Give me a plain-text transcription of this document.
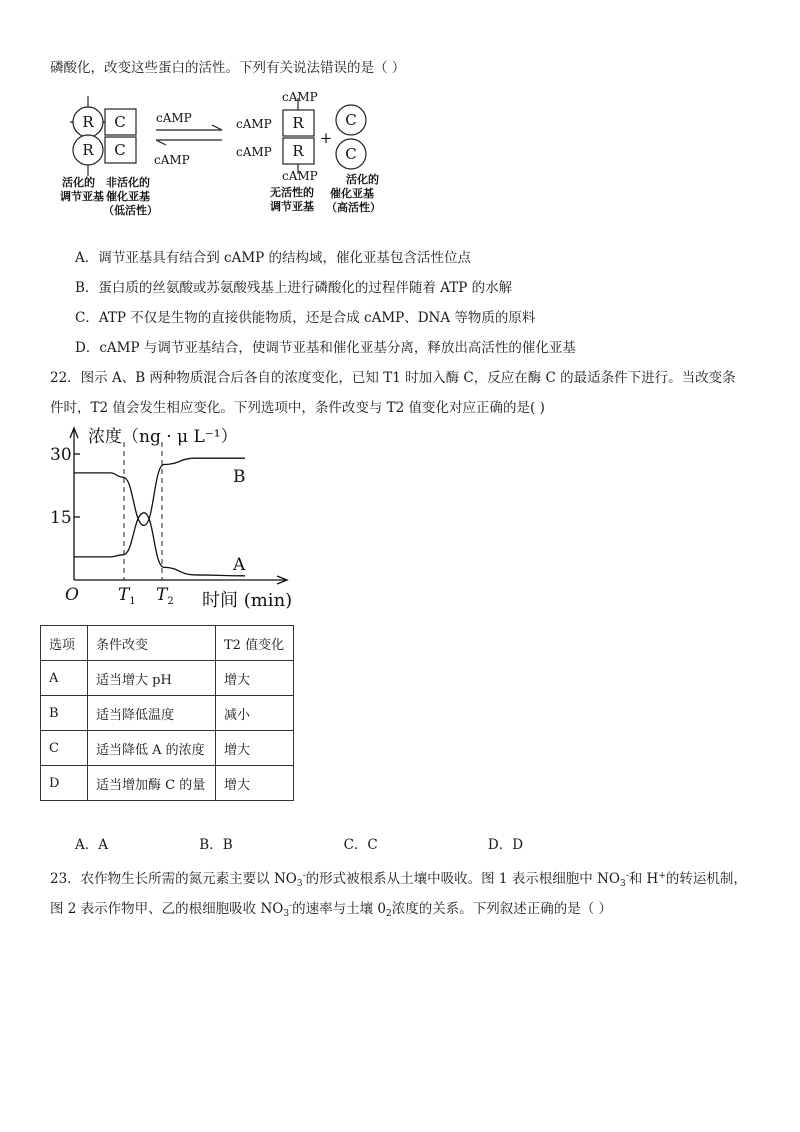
磷酸化，改变这些蛋白的活性。下列有关说法错误的是（ ）
R
R
C
C
R
R
C
C
+
cAMP
cAMP
cAMP
cAMP
cAMP
cAMP
活化的
调节亚基
非活化的
催化亚基
（低活性）
无活性的
调节亚基
活化的
催化亚基
（高活性）
A．调节亚基具有结合到 cAMP 的结构域，催化亚基包含活性位点
B．蛋白质的丝氨酸或苏氨酸残基上进行磷酸化的过程伴随着 ATP 的水解
C．ATP 不仅是生物的直接供能物质，还是合成 cAMP、DNA 等物质的原料
D．cAMP 与调节亚基结合，使调节亚基和催化亚基分离，释放出高活性的催化亚基
22．图示 A、B 两种物质混合后各自的浓度变化，已知 T1 时加入酶 C，反应在酶 C 的最适条件下进行。当改变条
件时，T2 值会发生相应变化。下列选项中，条件改变与 T2 值变化对应正确的是( )
$T_1$ $T_2$
B
A
浓度（ng · μ L⁻¹）
30
15
O	时间 (min)
选项	条件改变	T2 值变化
A	适当增大 pH	增大
B	适当降低温度	减小
C	适当降低 A 的浓度	增大
D	适当增加酶 C 的量	增大
A．A	B．B	C．C	D．D
23．农作物生长所需的氮元素主要以 $NO_3^-$的形式被根系从土壤中吸收。图 1 表示根细胞中 $NO_3^-$和 H+的转运机制，
图 2 表示作物甲、乙的根细胞吸收 $NO_3^-$的速率与土壤 $0_2$浓度的关系。下列叙述正确的是（ ）
